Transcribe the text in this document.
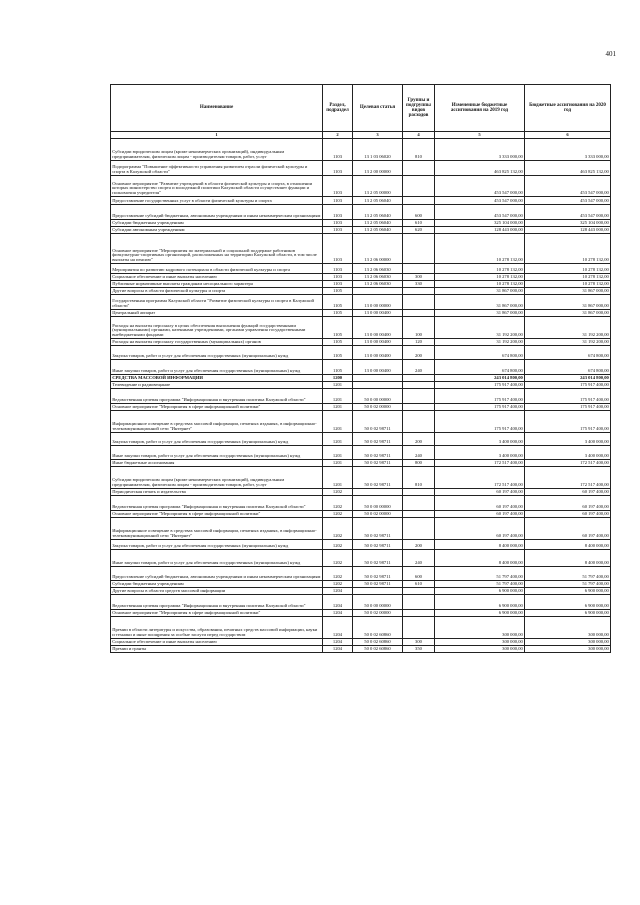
401
Наименование	Раздел, подраздел	Целевая статья	Группы и подгруппы видов расходов	Измененные бюджетные ассигнования на 2019 год	Бюджетные ассигнования на 2020 год
1	2	3	4	5	6
Субсидии юридическим лицам (кроме некоммерческих организаций), индивидуальным предпринимателям, физическим лицам - производителям товаров, работ, услуг	1103	13 1 03 06020	810	3 333 000,00	3 333 000,00
Подпрограмма "Повышение эффективности управления развитием отрасли физической культуры и спорта в Калужской области"	1103	13 2 00 00000		463 825 132,00	463 825 132,00
Основное мероприятие "Развитие учреждений в области физической культуры и спорта, в отношении которых министерство спорта и молодежной политики Калужской области осуществляет функции и полномочия учредителя"	1103	13 2 05 00000		453 547 000,00	453 547 000,00
Предоставление государственных услуг в области физической культуры и спорта	1103	13 2 05 06040		453 547 000,00	453 547 000,00
Предоставление субсидий бюджетным, автономным учреждениям и иным некоммерческим организациям	1103	13 2 05 06040	600	453 547 000,00	453 547 000,00
Субсидии бюджетным учреждениям	1103	13 2 05 06040	610	325 104 000,00	325 104 000,00
Субсидии автономным учреждениям	1103	13 2 05 06040	620	128 443 000,00	128 443 000,00
Основное мероприятие "Мероприятия по материальной и социальной поддержке работников физкультурно-спортивных организаций, расположенных на территории Калужской области, в том числе выплаты на пенсию"	1103	13 2 06 00000		10 278 132,00	10 278 132,00
Мероприятия по развитию кадрового потенциала в области физической культуры и спорта	1103	13 2 06 06030		10 278 132,00	10 278 132,00
Социальное обеспечение и иные выплаты населению	1103	13 2 06 06030	300	10 278 132,00	10 278 132,00
Публичные нормативные выплаты гражданам несоциального характера	1103	13 2 06 06030	330	10 278 132,00	10 278 132,00
Другие вопросы в области физической культуры и спорта	1105			31 867 000,00	31 867 000,00
Государственная программа Калужской области "Развитие физической культуры и спорта в Калужской области"	1105	13 0 00 00000		31 867 000,00	31 867 000,00
Центральный аппарат	1105	13 0 00 00400		31 867 000,00	31 867 000,00
Расходы на выплаты персоналу в целях обеспечения выполнения функций государственными (муниципальными) органами, казенными учреждениями, органами управления государственными внебюджетными фондами	1105	13 0 00 00400	100	31 192 200,00	31 192 200,00
Расходы на выплаты персоналу государственных (муниципальных) органов	1105	13 0 00 00400	120	31 192 200,00	31 192 200,00
Закупка товаров, работ и услуг для обеспечения государственных (муниципальных) нужд	1105	13 0 00 00400	200	674 800,00	674 800,00
Иные закупки товаров, работ и услуг для обеспечения государственных (муниципальных) нужд	1105	13 0 00 00400	240	674 800,00	674 800,00
СРЕДСТВА МАССОВОЙ ИНФОРМАЦИИ	1200			243 014 800,00	243 014 800,00
Телевидение и радиовещание	1201			175 917 400,00	175 917 400,00
Ведомственная целевая программа "Информационная и внутренняя политика Калужской области"	1201	50 0 00 00000		175 917 400,00	175 917 400,00
Основное мероприятие "Мероприятия в сфере информационной политики"	1201	50 0 02 00000		175 917 400,00	175 917 400,00
Информационное освещение в средствах массовой информации, печатных изданиях, в информационно-телекоммуникационной сети "Интернет"	1201	50 0 02 98711		175 917 400,00	175 917 400,00
Закупка товаров, работ и услуг для обеспечения государственных (муниципальных) нужд	1201	50 0 02 98711	200	3 400 000,00	3 400 000,00
Иные закупки товаров, работ и услуг для обеспечения государственных (муниципальных) нужд	1201	50 0 02 98711	240	3 400 000,00	3 400 000,00
Иные бюджетные ассигнования	1201	50 0 02 98711	800	172 517 400,00	172 517 400,00
Субсидии юридическим лицам (кроме некоммерческих организаций), индивидуальным предпринимателям, физическим лицам - производителям товаров, работ, услуг	1201	50 0 02 98711	810	172 517 400,00	172 517 400,00
Периодическая печать и издательства	1202			60 197 400,00	60 197 400,00
Ведомственная целевая программа "Информационная и внутренняя политика Калужской области"	1202	50 0 00 00000		60 197 400,00	60 197 400,00
Основное мероприятие "Мероприятия в сфере информационной политики"	1202	50 0 02 00000		60 197 400,00	60 197 400,00
Информационное освещение в средствах массовой информации, печатных изданиях, в информационно-телекоммуникационной сети "Интернет"	1202	50 0 02 98711		60 197 400,00	60 197 400,00
Закупка товаров, работ и услуг для обеспечения государственных (муниципальных) нужд	1202	50 0 02 98711	200	8 400 000,00	8 400 000,00
Иные закупки товаров, работ и услуг для обеспечения государственных (муниципальных) нужд	1202	50 0 02 98711	240	8 400 000,00	8 400 000,00
Предоставление субсидий бюджетным, автономным учреждениям и иным некоммерческим организациям	1202	50 0 02 98711	600	51 797 400,00	51 797 400,00
Субсидии бюджетным учреждениям	1202	50 0 02 98711	610	51 797 400,00	51 797 400,00
Другие вопросы в области средств массовой информации	1204			6 900 000,00	6 900 000,00
Ведомственная целевая программа "Информационная и внутренняя политика Калужской области"	1204	50 0 00 00000		6 900 000,00	6 900 000,00
Основное мероприятие "Мероприятия в сфере информационной политики"	1204	50 0 02 00000		6 900 000,00	6 900 000,00
Премии в области литературы и искусства, образования, печатных средств массовой информации, науки и техники и иные поощрения за особые заслуги перед государством	1204	50 0 02 60860		300 000,00	300 000,00
Социальное обеспечение и иные выплаты населению	1204	50 0 02 60860	300	300 000,00	300 000,00
Премии и гранты	1204	50 0 02 60860	350	300 000,00	300 000,00
